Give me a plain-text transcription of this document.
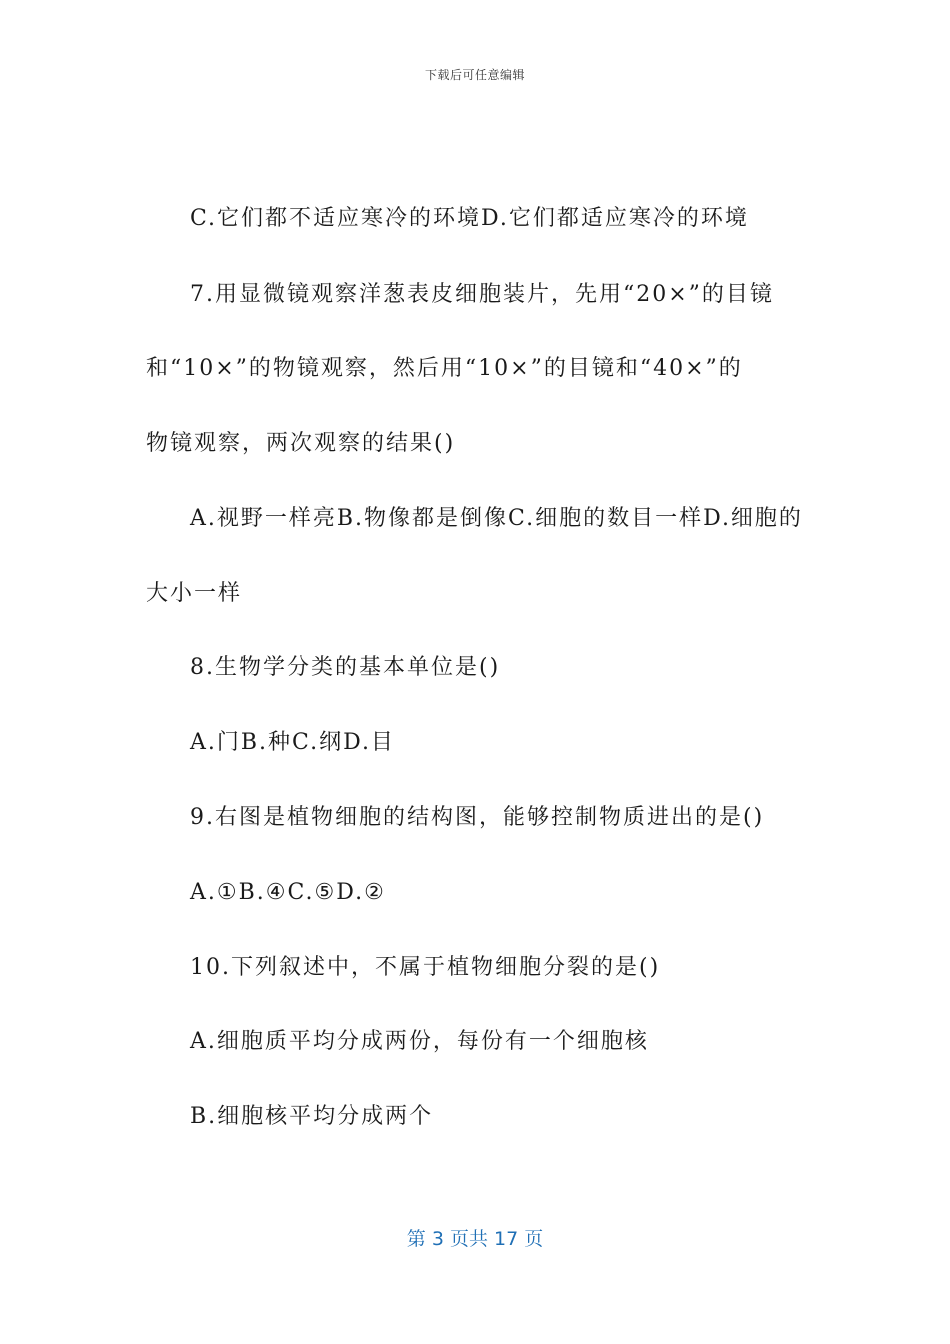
下载后可任意编辑
C.它们都不适应寒冷的环境D.它们都适应寒冷的环境
7.用显微镜观察洋葱表皮细胞装片，先用“20×”的目镜
和“10×”的物镜观察，然后用“10×”的目镜和“40×”的
物镜观察，两次观察的结果()
A.视野一样亮B.物像都是倒像C.细胞的数目一样D.细胞的
大小一样
8.生物学分类的基本单位是()
A.门B.种C.纲D.目
9.右图是植物细胞的结构图，能够控制物质进出的是()
A.①B.④C.⑤D.②
10.下列叙述中，不属于植物细胞分裂的是()
A.细胞质平均分成两份，每份有一个细胞核
B.细胞核平均分成两个
第 3 页共 17 页
